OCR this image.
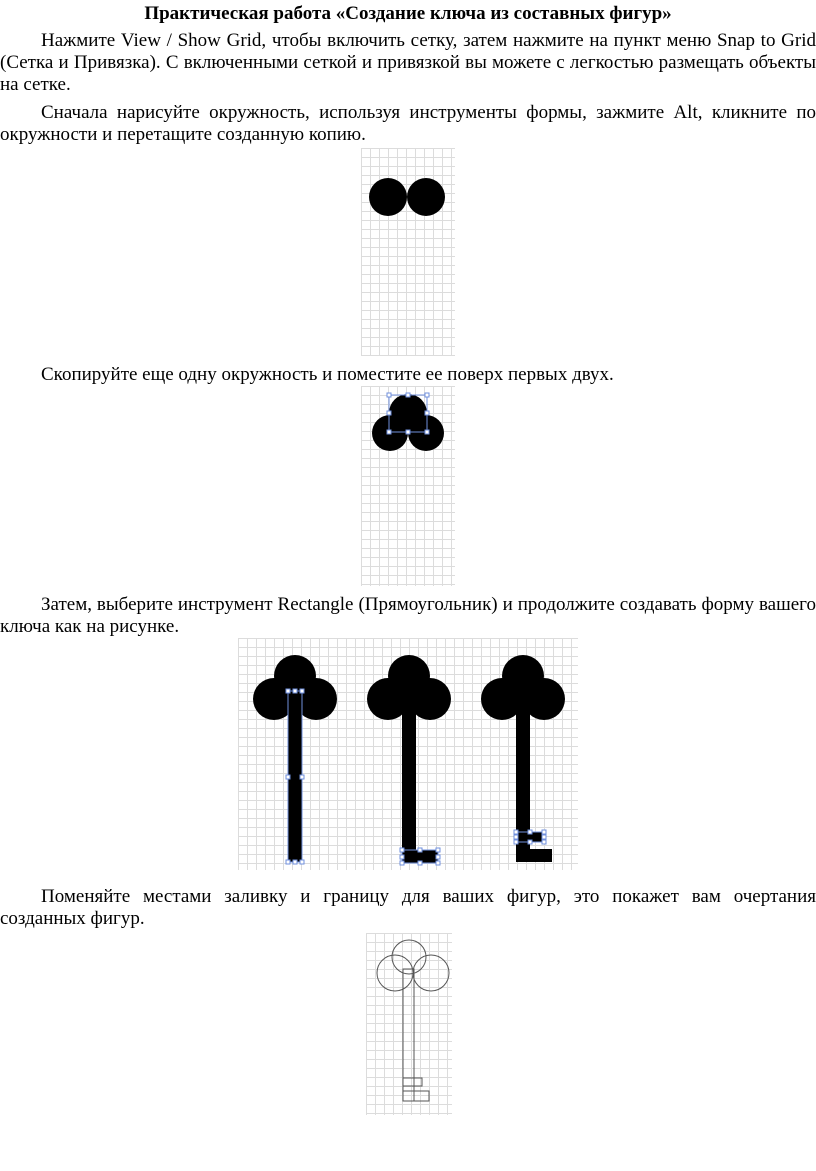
Практическая работа «Создание ключа из составных фигур»
Нажмите View / Show Grid, чтобы включить сетку, затем нажмите на пункт меню Snap to Grid (Сетка и Привязка). С включенными сеткой и привязкой вы можете с легкостью размещать объекты на сетке.
Сначала нарисуйте окружность, используя инструменты формы, зажмите Alt, кликните по окружности и перетащите созданную копию.
Скопируйте еще одну окружность и поместите ее поверх первых двух.
Затем, выберите инструмент Rectangle (Прямоугольник) и продолжите создавать форму вашего ключа как на рисунке.
Поменяйте местами заливку и границу для ваших фигур, это покажет вам очертания созданных фигур.
